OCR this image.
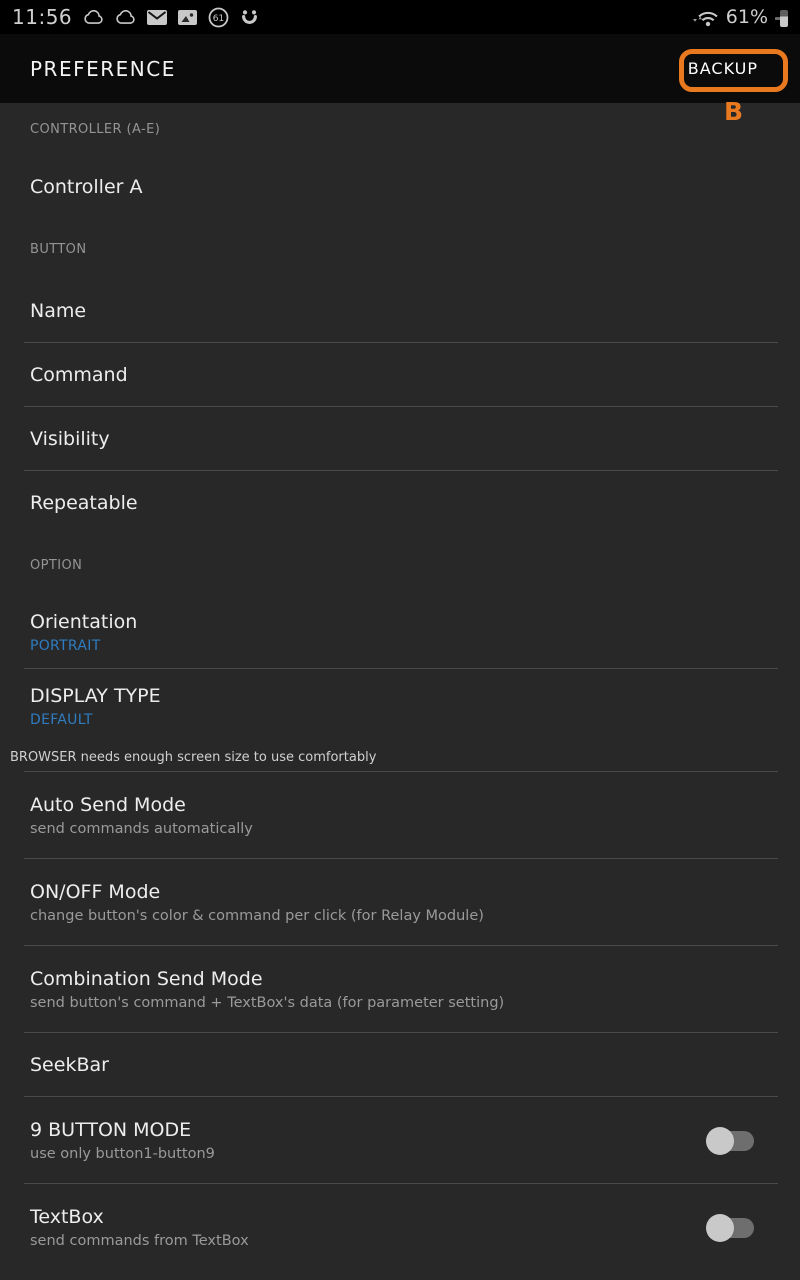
11:56	61	61%
PREFERENCE	BACKUP
B
CONTROLLER (A-E)
Controller A
BUTTON
Name
Command
Visibility
Repeatable
OPTION
Orientation
PORTRAIT
DISPLAY TYPE
DEFAULT
BROWSER needs enough screen size to use comfortably
Auto Send Mode
send commands automatically
ON/OFF Mode
change button's color & command per click (for Relay Module)
Combination Send Mode
send button's command + TextBox's data (for parameter setting)
SeekBar
9 BUTTON MODE
use only button1-button9
TextBox
send commands from TextBox
